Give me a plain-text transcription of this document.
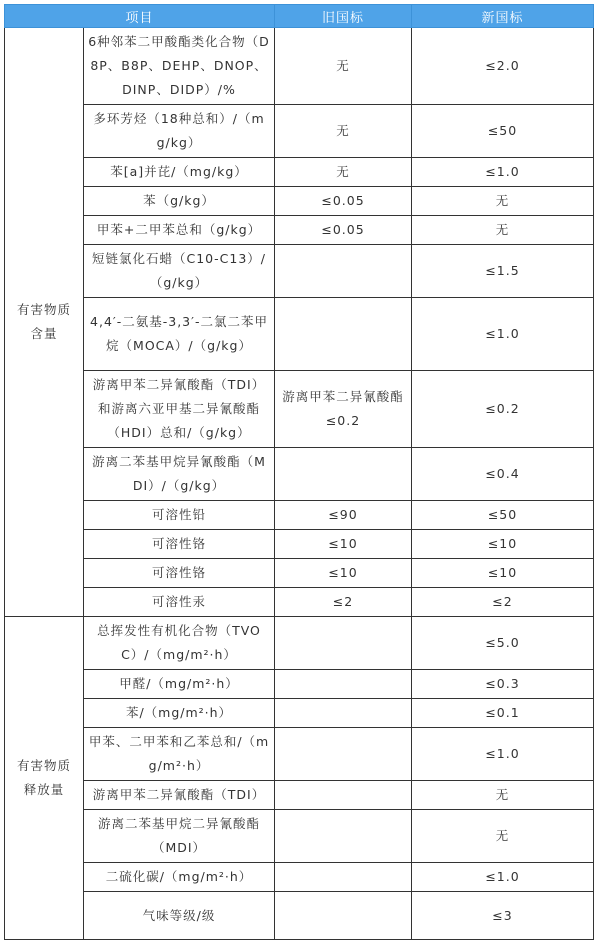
项目		旧国标	新国标
有害物质
含量	6种邻苯二甲酸酯类化合物（D8P、B8P、DEHP、DNOP、DINP、DIDP）/%	无	≤2.0
	多环芳烃（18种总和）/（mg/kg）	无	≤50
	苯[a]并芘/（mg/kg）	无	≤1.0
	苯（g/kg）	≤0.05	无
	甲苯+二甲苯总和（g/kg）	≤0.05	无
	短链氯化石蜡（C10-C13）/（g/kg）		≤1.5
	4,4′-二氨基-3,3′-二氯二苯甲烷（MOCA）/（g/kg）		≤1.0
	游离甲苯二异氰酸酯（TDI）和游离六亚甲基二异氰酸酯（HDI）总和/（g/kg）	游离甲苯二异氰酸酯≤0.2	≤0.2
	游离二苯基甲烷异氰酸酯（MDI）/（g/kg）		≤0.4
	可溶性铅	≤90	≤50
	可溶性铬	≤10	≤10
	可溶性铬	≤10	≤10
	可溶性汞	≤2	≤2
有害物质
释放量	总挥发性有机化合物（TVOC）/（mg/m²·h）		≤5.0
	甲醛/（mg/m²·h）		≤0.3
	苯/（mg/m²·h）		≤0.1
	甲苯、二甲苯和乙苯总和/（mg/m²·h）		≤1.0
	游离甲苯二异氰酸酯（TDI）		无
	游离二苯基甲烷二异氰酸酯（MDI）		无
	二硫化碳/（mg/m²·h）		≤1.0
	气味等级/级		≤3
